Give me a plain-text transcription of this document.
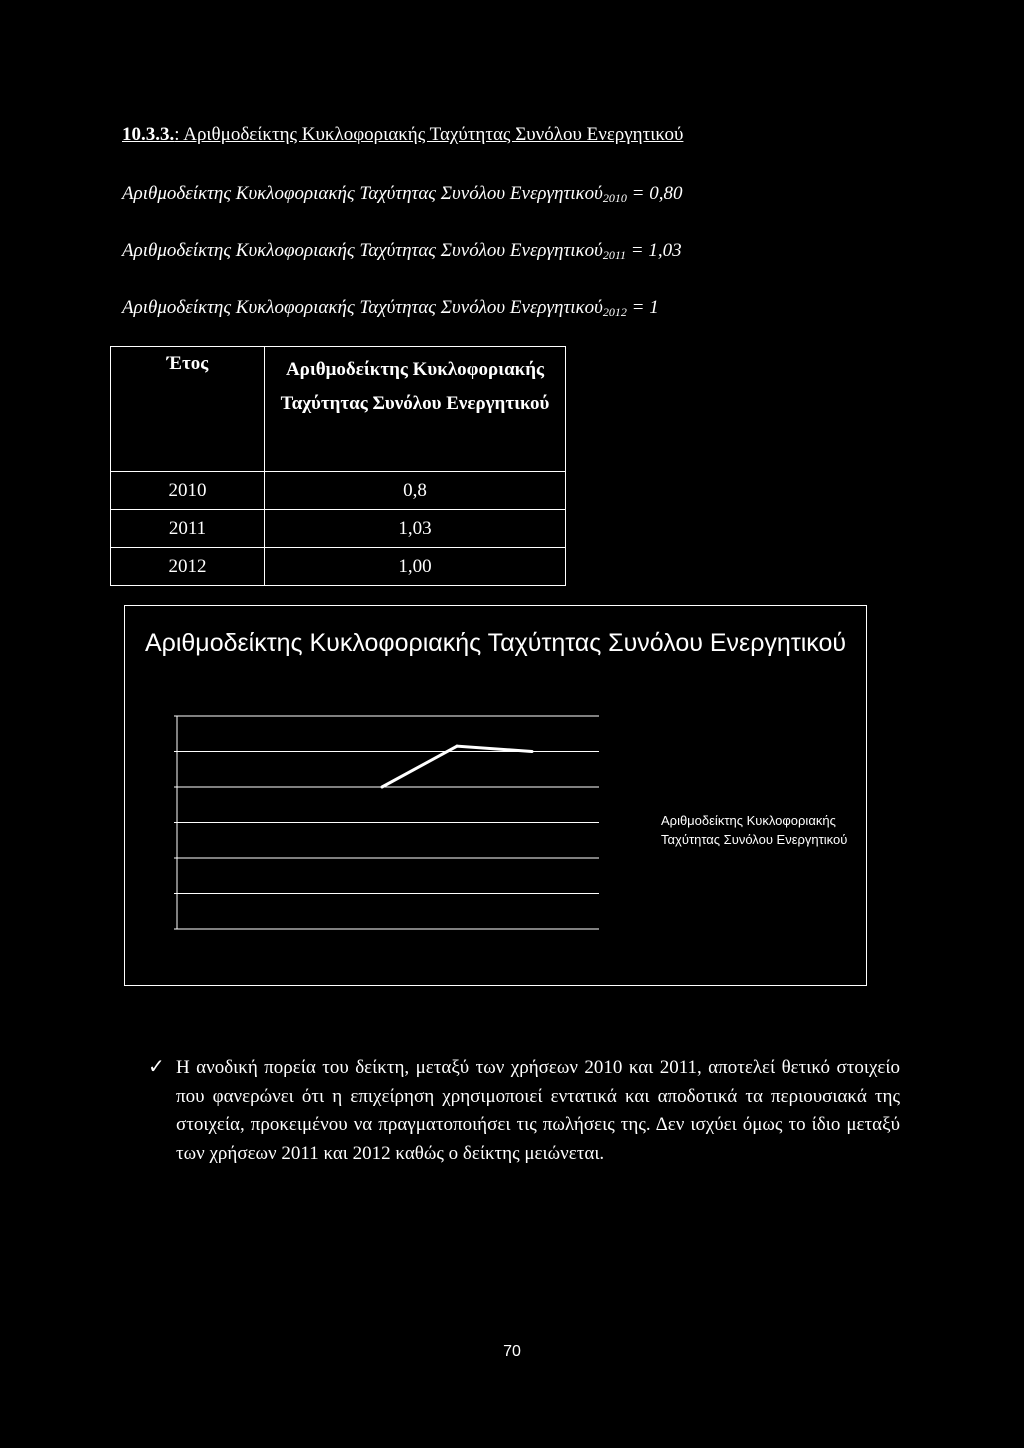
10.3.3.: Αριθμοδείκτης Κυκλοφοριακής Ταχύτητας Συνόλου Ενεργητικού
Αριθμοδείκτης Κυκλοφοριακής Ταχύτητας Συνόλου Ενεργητικού$_{2010}$ = 0,80
Αριθμοδείκτης Κυκλοφοριακής Ταχύτητας Συνόλου Ενεργητικού$_{2011}$ = 1,03
Αριθμοδείκτης Κυκλοφοριακής Ταχύτητας Συνόλου Ενεργητικού$_{2012}$ = 1
Έτος	Αριθμοδείκτης Κυκλοφοριακής Ταχύτητας Συνόλου Ενεργητικού
2010	0,8
2011	1,03
2012	1,00
Αριθμοδείκτης Κυκλοφοριακής Ταχύτητας Συνόλου Ενεργητικού
Αριθμοδείκτης Κυκλοφοριακής Ταχύτητας Συνόλου Ενεργητικού
✓ Η ανοδική πορεία του δείκτη, μεταξύ των χρήσεων 2010 και 2011, αποτελεί θετικό στοιχείο που φανερώνει ότι η επιχείρηση χρησιμοποιεί εντατικά και αποδοτικά τα περιουσιακά της στοιχεία, προκειμένου να πραγματοποιήσει τις πωλήσεις της. Δεν ισχύει όμως το ίδιο μεταξύ των χρήσεων 2011 και 2012 καθώς ο δείκτης μειώνεται.
70
